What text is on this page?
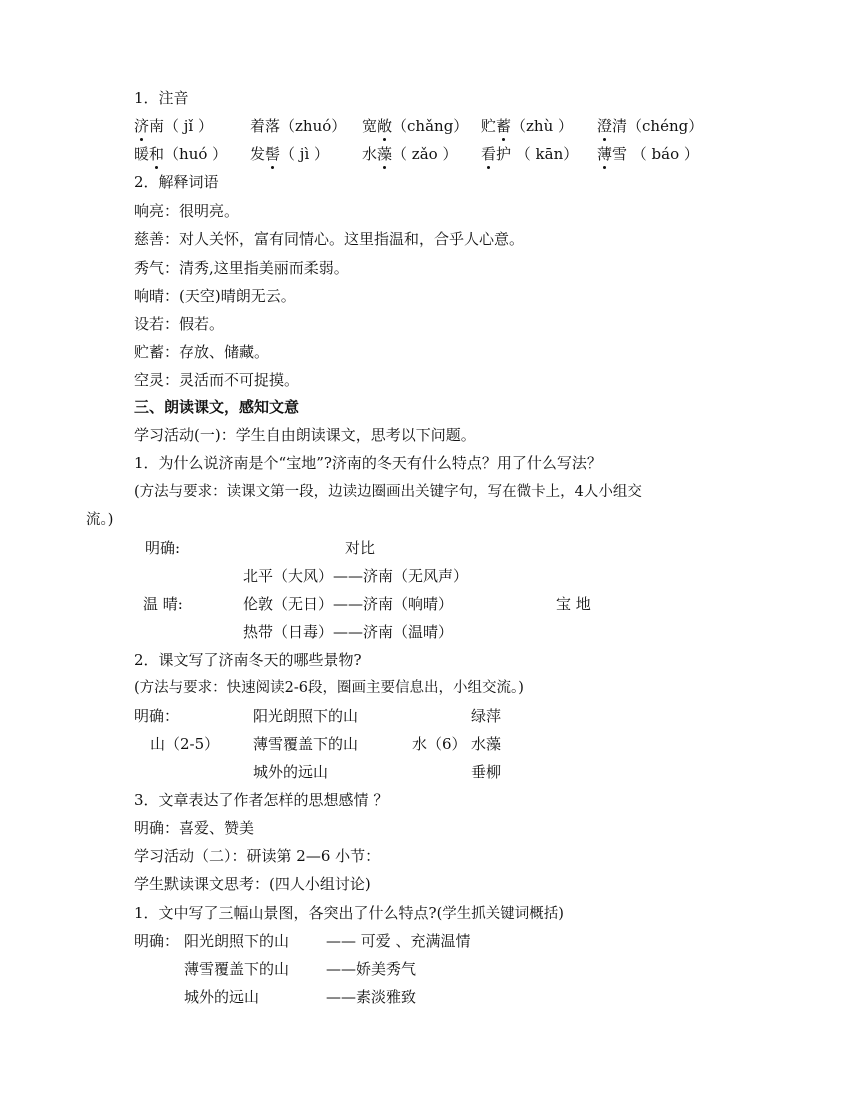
1．注音
济南（ jǐ ） 着落（zhuó） 宽敞（chǎng） 贮蓄（zhù ） 澄清（chéng）
暖和（huó ） 发髻（ jì ） 水藻（ zǎo ） 看护 （ kān） 薄雪 （ báo ）
2．解释词语
响亮：很明亮。
慈善：对人关怀，富有同情心。这里指温和，合乎人心意。
秀气：清秀,这里指美丽而柔弱。
响晴：(天空)晴朗无云。
设若：假若。
贮蓄：存放、储藏。
空灵：灵活而不可捉摸。
三、朗读课文，感知文意
学习活动(一)：学生自由朗读课文，思考以下问题。
1．为什么说济南是个“宝地”?济南的冬天有什么特点？用了什么写法？
(方法与要求：读课文第一段，边读边圈画出关键字句，写在微卡上，4人小组交
流。)
明确:	对比
北平（大风）——济南（无风声）
温 晴:	伦敦（无日）——济南（响晴）	宝 地
热带（日毒）——济南（温晴）
2．课文写了济南冬天的哪些景物?
(方法与要求：快速阅读2-6段，圈画主要信息出，小组交流。)
明确：	阳光朗照下的山	绿萍
山（2-5） 薄雪覆盖下的山	水（6） 水藻
城外的远山	垂柳
3．文章表达了作者怎样的思想感情 ？
明确：喜爱、赞美
学习活动（二）：研读第 2—6 小节：
学生默读课文思考：(四人小组讨论)
1．文中写了三幅山景图，各突出了什么特点?(学生抓关键词概括)
明确： 阳光朗照下的山 —— 可爱 、充满温情
薄雪覆盖下的山 ——娇美秀气
城外的远山	——素淡雅致
